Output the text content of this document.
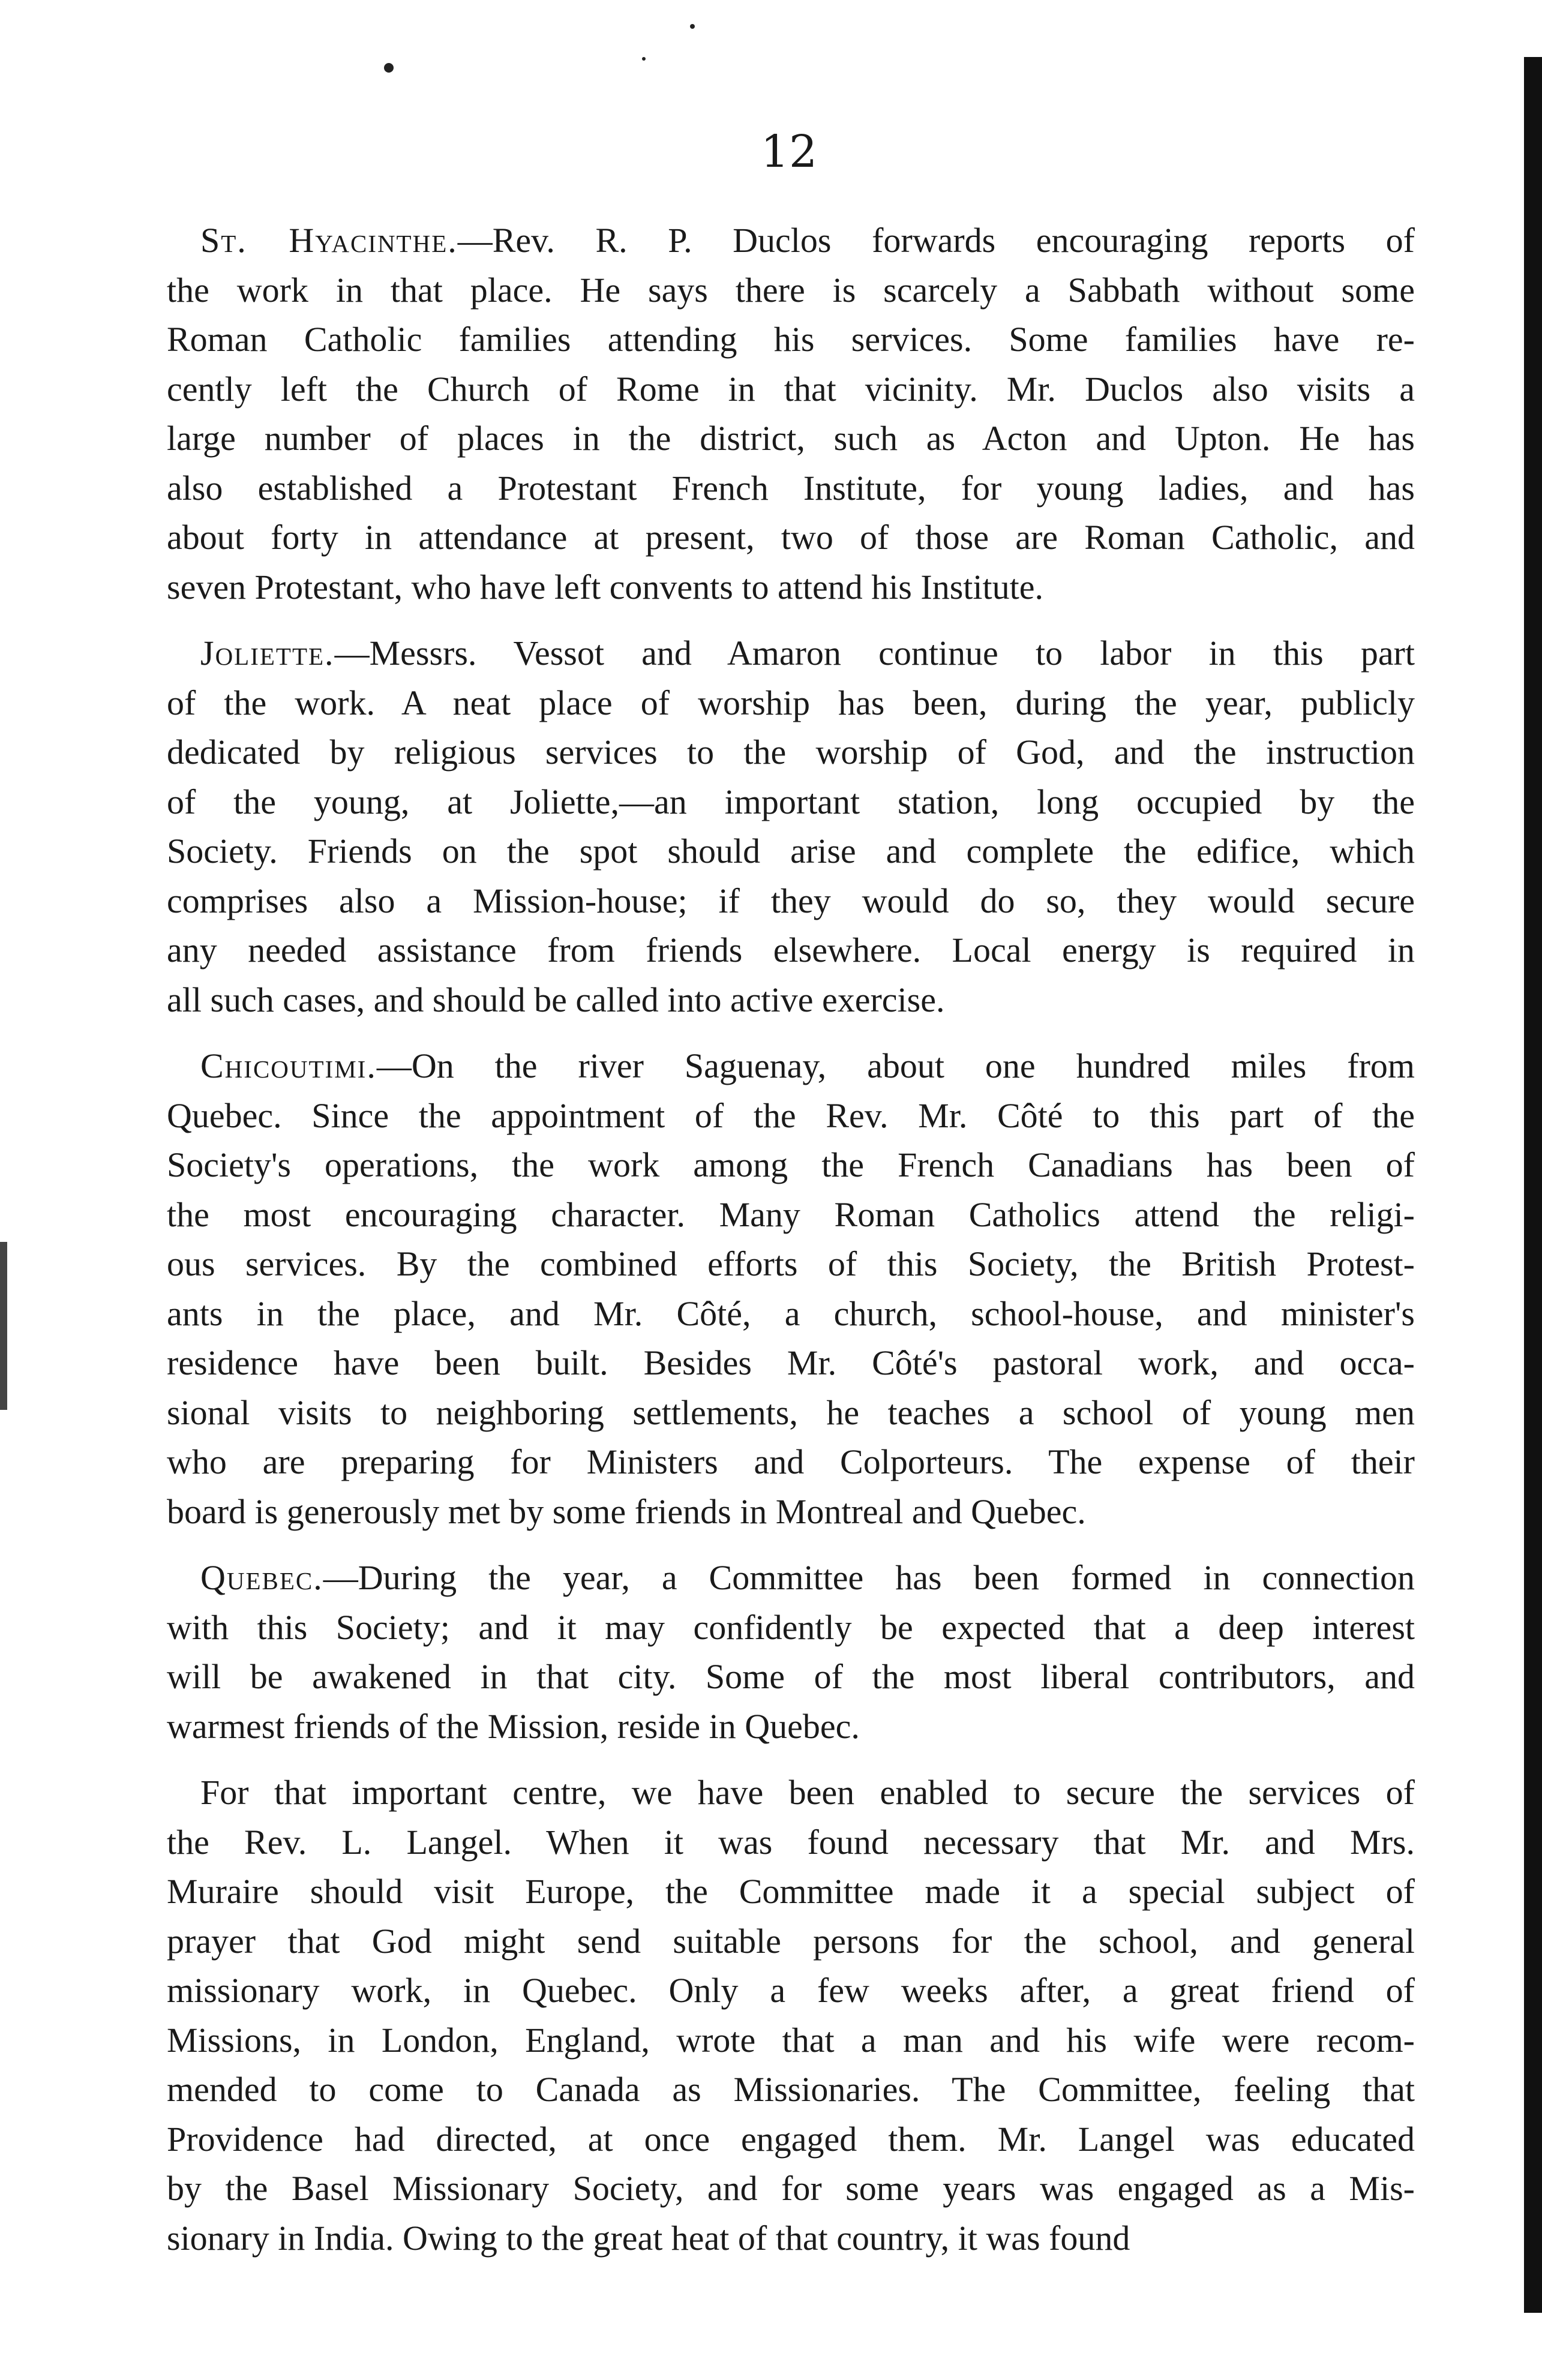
12
St. Hyacinthe.—Rev. R. P. Duclos forwards encouraging reports of
the work in that place. He says there is scarcely a Sabbath without some
Roman Catholic families attending his services. Some families have re-
cently left the Church of Rome in that vicinity. Mr. Duclos also visits a
large number of places in the district, such as Acton and Upton. He has
also established a Protestant French Institute, for young ladies, and has
about forty in attendance at present, two of those are Roman Catholic, and
seven Protestant, who have left convents to attend his Institute.
Joliette.—Messrs. Vessot and Amaron continue to labor in this part
of the work. A neat place of worship has been, during the year, publicly
dedicated by religious services to the worship of God, and the instruction
of the young, at Joliette,—an important station, long occupied by the
Society. Friends on the spot should arise and complete the edifice, which
comprises also a Mission-house; if they would do so, they would secure
any needed assistance from friends elsewhere. Local energy is required in
all such cases, and should be called into active exercise.
Chicoutimi.—On the river Saguenay, about one hundred miles from
Quebec. Since the appointment of the Rev. Mr. Côté to this part of the
Society's operations, the work among the French Canadians has been of
the most encouraging character. Many Roman Catholics attend the religi-
ous services. By the combined efforts of this Society, the British Protest-
ants in the place, and Mr. Côté, a church, school-house, and minister's
residence have been built. Besides Mr. Côté's pastoral work, and occa-
sional visits to neighboring settlements, he teaches a school of young men
who are preparing for Ministers and Colporteurs. The expense of their
board is generously met by some friends in Montreal and Quebec.
Quebec.—During the year, a Committee has been formed in connection
with this Society; and it may confidently be expected that a deep interest
will be awakened in that city. Some of the most liberal contributors, and
warmest friends of the Mission, reside in Quebec.
For that important centre, we have been enabled to secure the services of
the Rev. L. Langel. When it was found necessary that Mr. and Mrs.
Muraire should visit Europe, the Committee made it a special subject of
prayer that God might send suitable persons for the school, and general
missionary work, in Quebec. Only a few weeks after, a great friend of
Missions, in London, England, wrote that a man and his wife were recom-
mended to come to Canada as Missionaries. The Committee, feeling that
Providence had directed, at once engaged them. Mr. Langel was educated
by the Basel Missionary Society, and for some years was engaged as a Mis-
sionary in India. Owing to the great heat of that country, it was found
